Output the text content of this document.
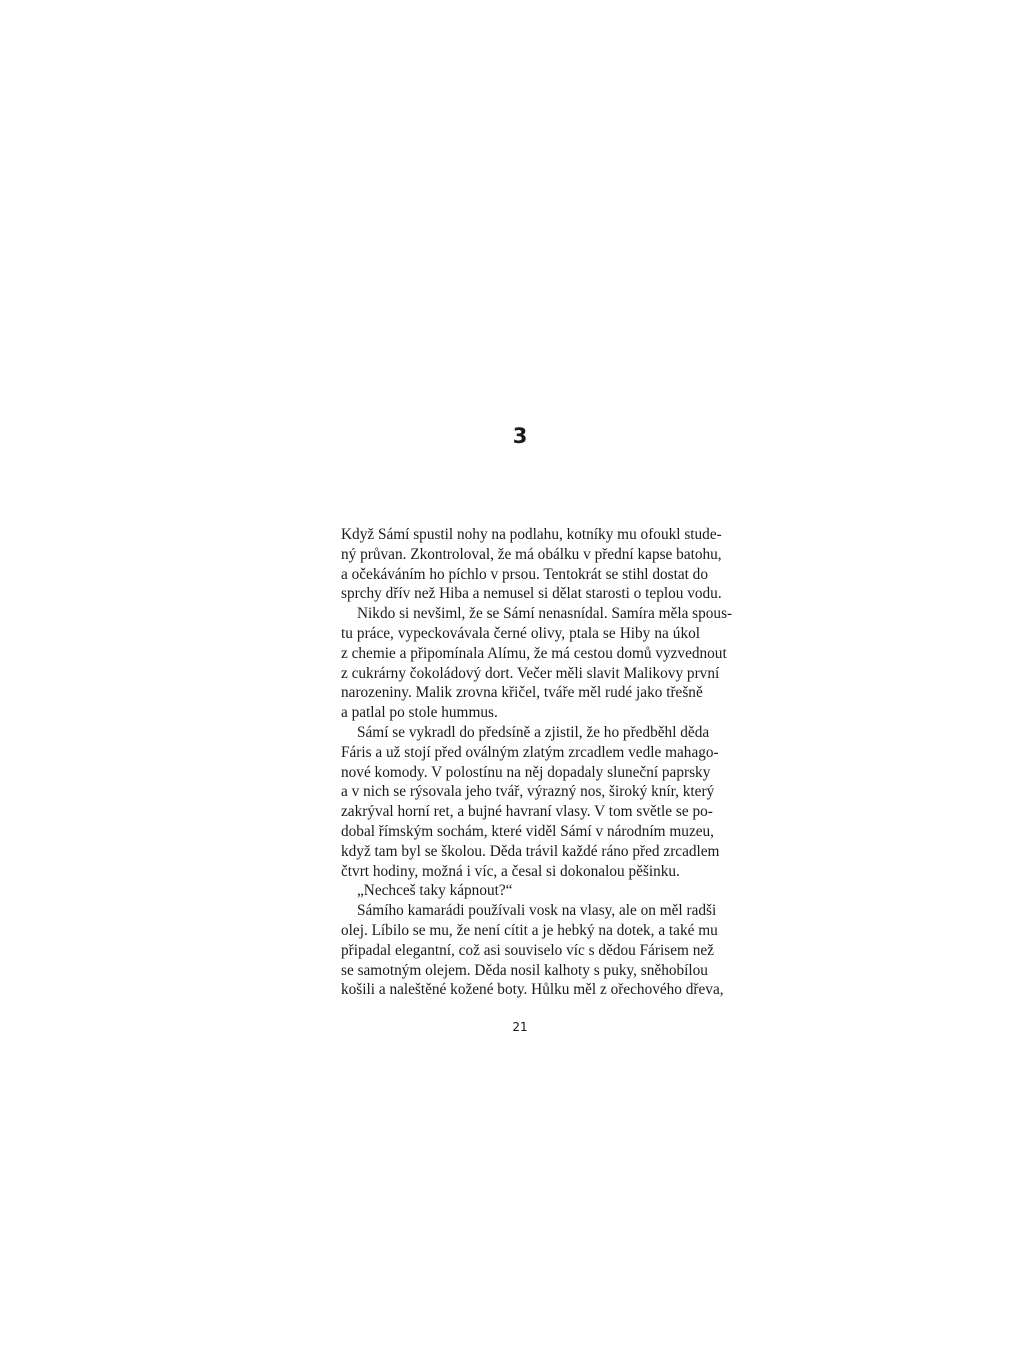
3
Když Sámí spustil nohy na podlahu, kotníky mu ofoukl stude-
ný průvan. Zkontroloval, že má obálku v přední kapse batohu,
a očekáváním ho píchlo v prsou. Tentokrát se stihl dostat do
sprchy dřív než Hiba a nemusel si dělat starosti o teplou vodu.
Nikdo si nevšiml, že se Sámí nenasnídal. Samíra měla spous-
tu práce, vypeckovávala černé olivy, ptala se Hiby na úkol
z chemie a připomínala Alímu, že má cestou domů vyzvednout
z cukrárny čokoládový dort. Večer měli slavit Malikovy první
narozeniny. Malik zrovna křičel, tváře měl rudé jako třešně
a patlal po stole hummus.
Sámí se vykradl do předsíně a zjistil, že ho předběhl děda
Fáris a už stojí před oválným zlatým zrcadlem vedle mahago-
nové komody. V polostínu na něj dopadaly sluneční paprsky
a v nich se rýsovala jeho tvář, výrazný nos, široký knír, který
zakrýval horní ret, a bujné havraní vlasy. V tom světle se po-
dobal římským sochám, které viděl Sámí v národním muzeu,
když tam byl se školou. Děda trávil každé ráno před zrcadlem
čtvrt hodiny, možná i víc, a česal si dokonalou pěšinku.
„Nechceš taky kápnout?“
Sámího kamarádi používali vosk na vlasy, ale on měl radši
olej. Líbilo se mu, že není cítit a je hebký na dotek, a také mu
připadal elegantní, což asi souviselo víc s dědou Fárisem než
se samotným olejem. Děda nosil kalhoty s puky, sněhobílou
košili a naleštěné kožené boty. Hůlku měl z ořechového dřeva,
21
